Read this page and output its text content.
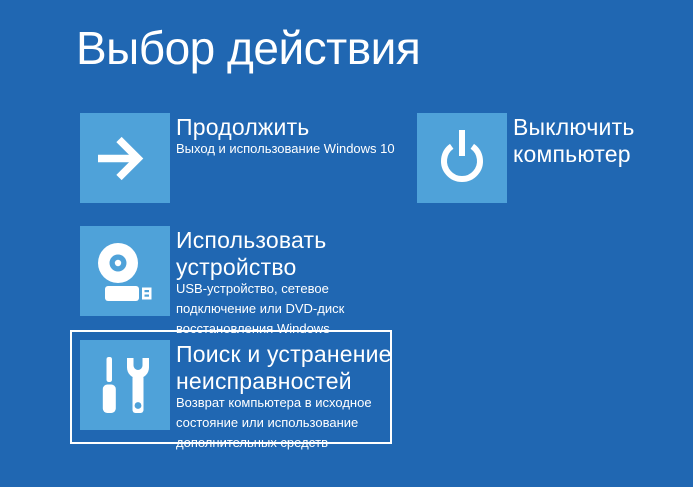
Выбор действия
Продолжить
Выход и использование Windows 10
Выключить
компьютер
Использовать
устройство
USB-устройство, сетевое
подключение или DVD-диск
восстановления Windows
Поиск и устранение
неисправностей
Возврат компьютера в исходное
состояние или использование
дополнительных средств
